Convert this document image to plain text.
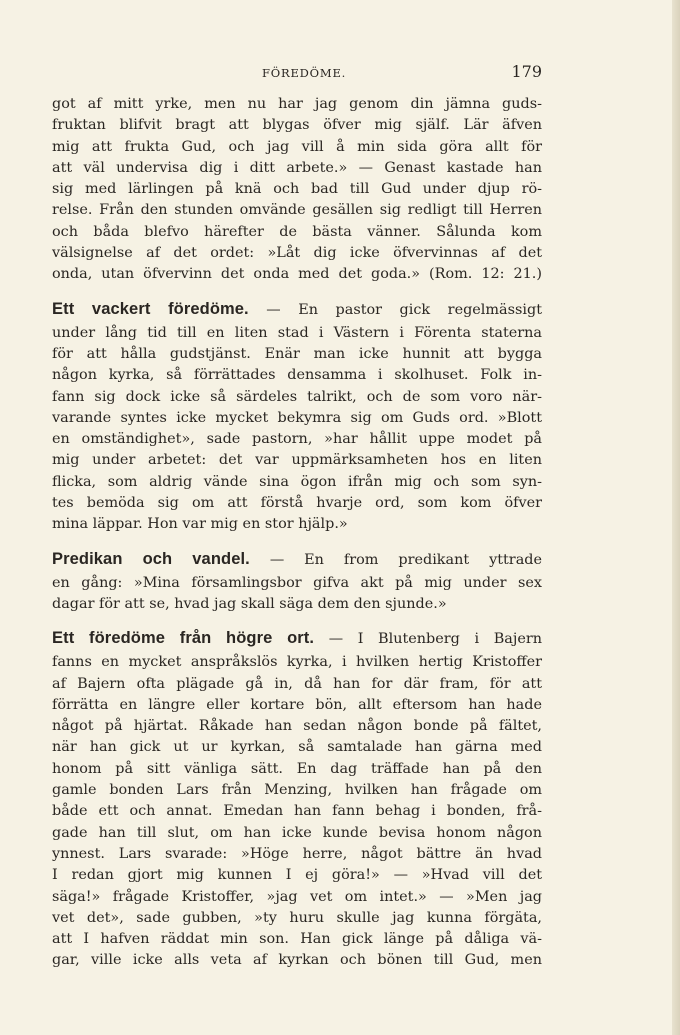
FÖREDÖME.	179
got af mitt yrke, men nu har jag genom din jämna guds-
fruktan blifvit bragt att blygas öfver mig själf. Lär äfven
mig att frukta Gud, och jag vill å min sida göra allt för
att väl undervisa dig i ditt arbete.» — Genast kastade han
sig med lärlingen på knä och bad till Gud under djup rö-
relse. Från den stunden omvände gesällen sig redligt till Herren
och båda blefvo härefter de bästa vänner. Sålunda kom
välsignelse af det ordet: »Låt dig icke öfvervinnas af det
onda, utan öfvervinn det onda med det goda.» (Rom. 12: 21.)
Ett vackert föredöme. — En pastor gick regelmässigt
under lång tid till en liten stad i Västern i Förenta staterna
för att hålla gudstjänst. Enär man icke hunnit att bygga
någon kyrka, så förrättades densamma i skolhuset. Folk in-
fann sig dock icke så särdeles talrikt, och de som voro när-
varande syntes icke mycket bekymra sig om Guds ord. »Blott
en omständighet», sade pastorn, »har hållit uppe modet på
mig under arbetet: det var uppmärksamheten hos en liten
flicka, som aldrig vände sina ögon ifrån mig och som syn-
tes bemöda sig om att förstå hvarje ord, som kom öfver
mina läppar. Hon var mig en stor hjälp.»
Predikan och vandel. — En from predikant yttrade
en gång: »Mina församlingsbor gifva akt på mig under sex
dagar för att se, hvad jag skall säga dem den sjunde.»
Ett föredöme från högre ort. — I Blutenberg i Bajern
fanns en mycket anspråkslös kyrka, i hvilken hertig Kristoffer
af Bajern ofta plägade gå in, då han for där fram, för att
förrätta en längre eller kortare bön, allt eftersom han hade
något på hjärtat. Råkade han sedan någon bonde på fältet,
när han gick ut ur kyrkan, så samtalade han gärna med
honom på sitt vänliga sätt. En dag träffade han på den
gamle bonden Lars från Menzing, hvilken han frågade om
både ett och annat. Emedan han fann behag i bonden, frå-
gade han till slut, om han icke kunde bevisa honom någon
ynnest. Lars svarade: »Höge herre, något bättre än hvad
I redan gjort mig kunnen I ej göra!» — »Hvad vill det
säga!» frågade Kristoffer, »jag vet om intet.» — »Men jag
vet det», sade gubben, »ty huru skulle jag kunna förgäta,
att I hafven räddat min son. Han gick länge på dåliga vä-
gar, ville icke alls veta af kyrkan och bönen till Gud, men
